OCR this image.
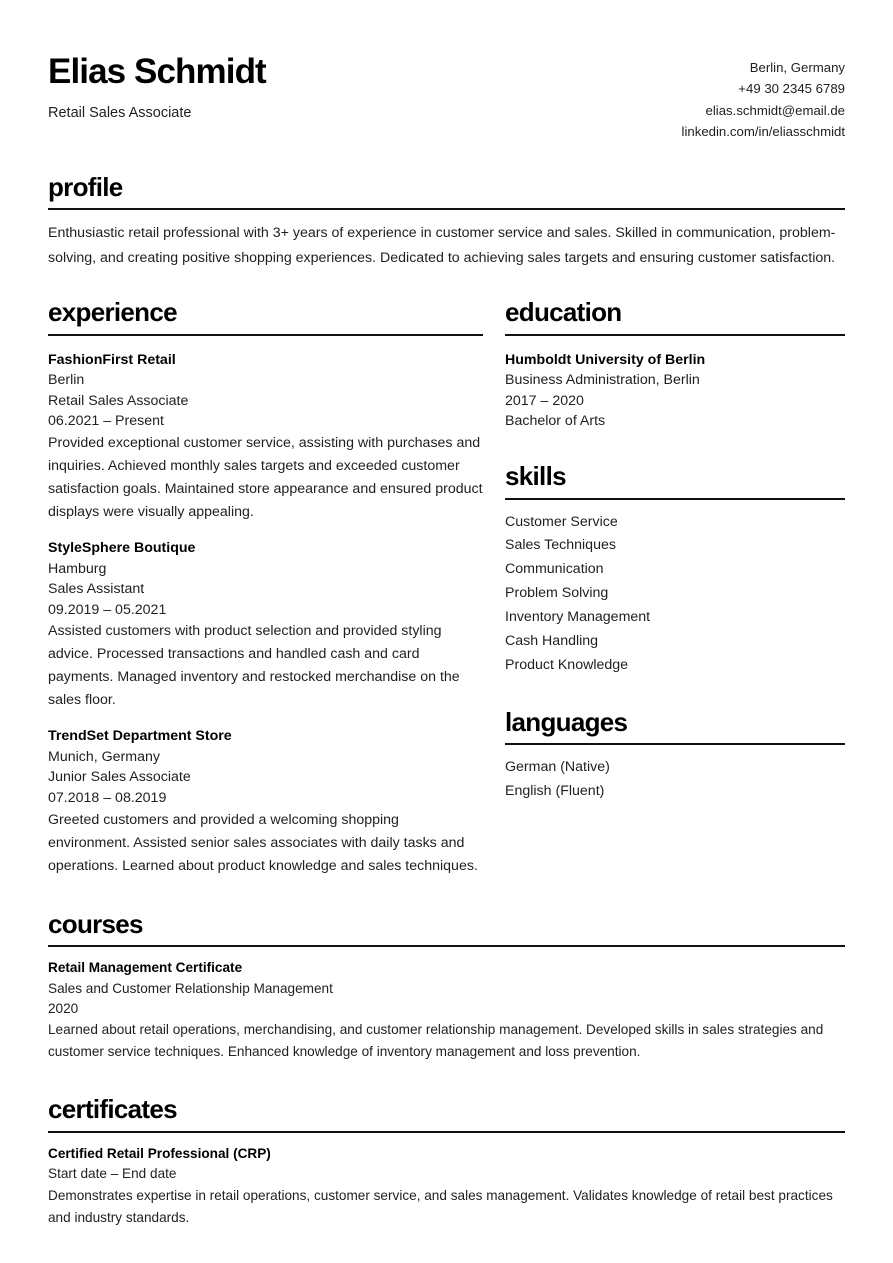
Elias Schmidt
Retail Sales Associate
Berlin, Germany
+49 30 2345 6789
elias.schmidt@email.de
linkedin.com/in/eliasschmidt
profile
Enthusiastic retail professional with 3+ years of experience in customer service and sales. Skilled in communication, problem-solving, and creating positive shopping experiences. Dedicated to achieving sales targets and ensuring customer satisfaction.
experience
FashionFirst Retail
Berlin
Retail Sales Associate
06.2021 – Present
Provided exceptional customer service, assisting with purchases and inquiries. Achieved monthly sales targets and exceeded customer satisfaction goals. Maintained store appearance and ensured product displays were visually appealing.
StyleSphere Boutique
Hamburg
Sales Assistant
09.2019 – 05.2021
Assisted customers with product selection and provided styling advice. Processed transactions and handled cash and card payments. Managed inventory and restocked merchandise on the sales floor.
TrendSet Department Store
Munich, Germany
Junior Sales Associate
07.2018 – 08.2019
Greeted customers and provided a welcoming shopping environment. Assisted senior sales associates with daily tasks and operations. Learned about product knowledge and sales techniques.
education
Humboldt University of Berlin
Business Administration, Berlin
2017 – 2020
Bachelor of Arts
skills
Customer Service
Sales Techniques
Communication
Problem Solving
Inventory Management
Cash Handling
Product Knowledge
languages
German (Native)
English (Fluent)
courses
Retail Management Certificate
Sales and Customer Relationship Management
2020
Learned about retail operations, merchandising, and customer relationship management. Developed skills in sales strategies and customer service techniques. Enhanced knowledge of inventory management and loss prevention.
certificates
Certified Retail Professional (CRP)
Start date – End date
Demonstrates expertise in retail operations, customer service, and sales management. Validates knowledge of retail best practices and industry standards.
